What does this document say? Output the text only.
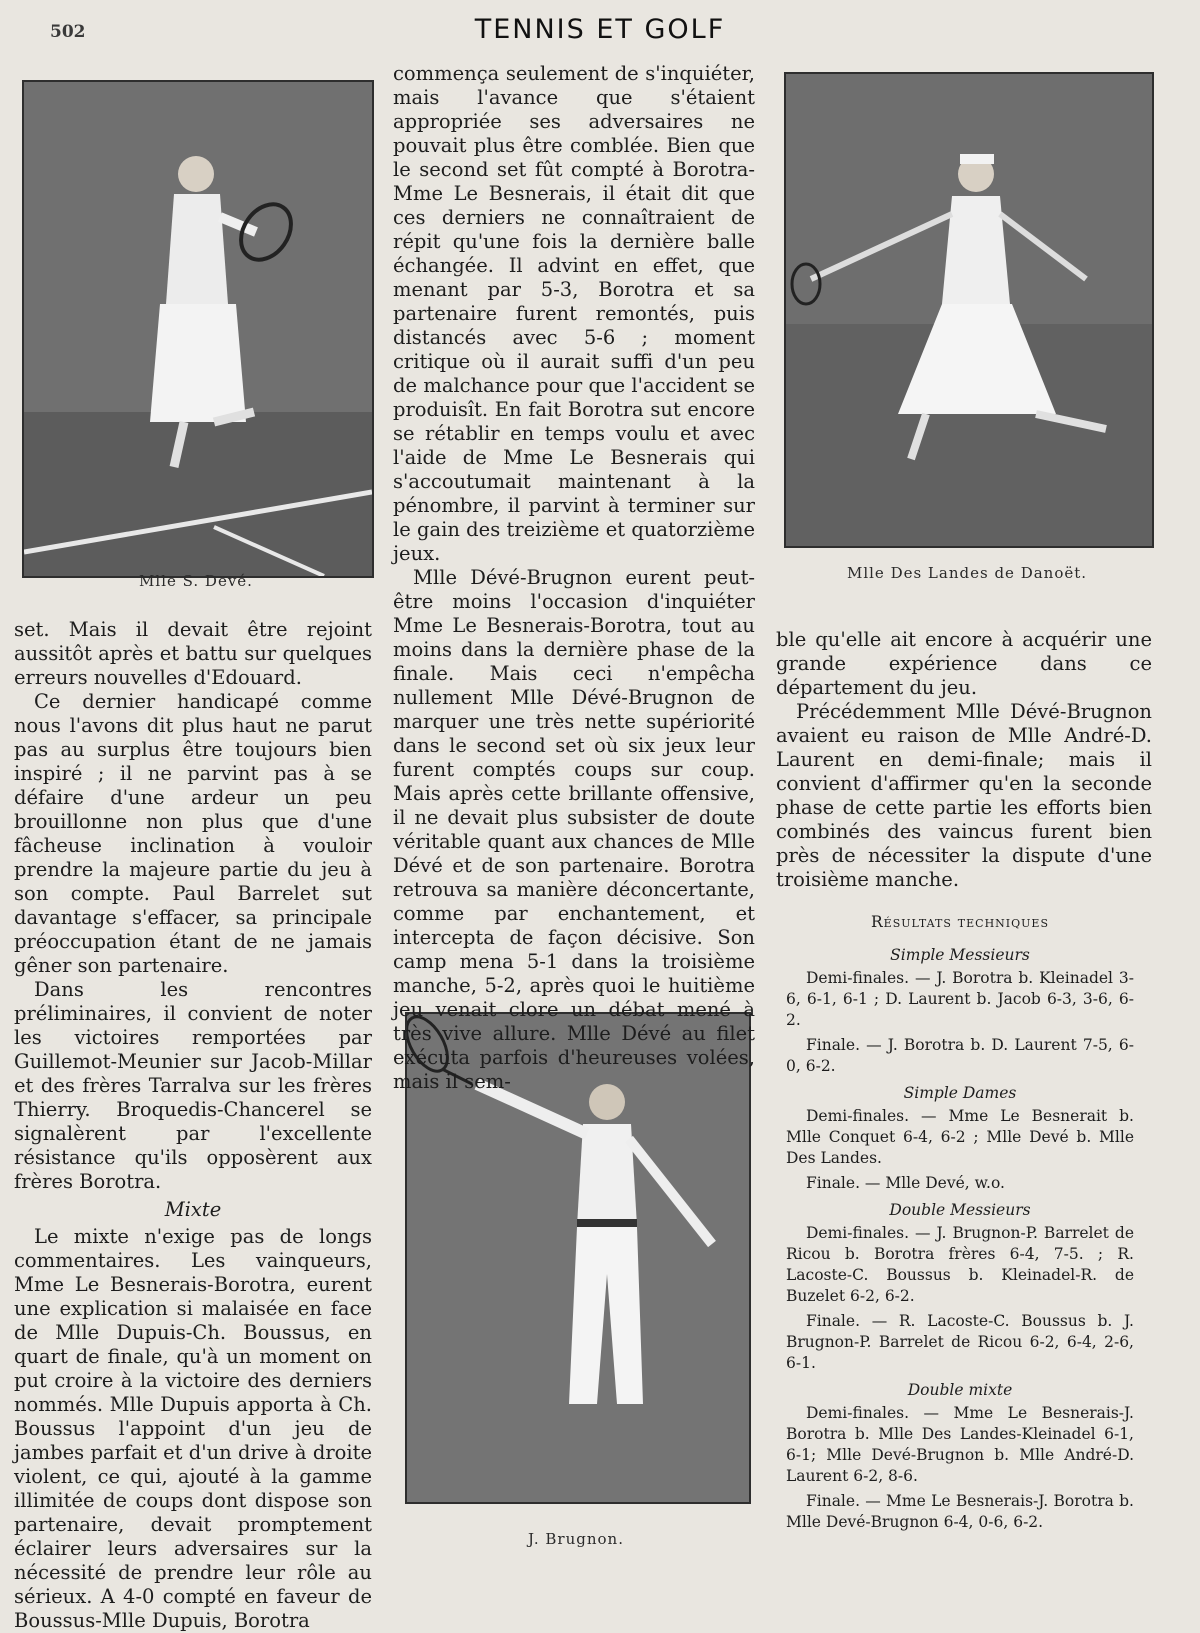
502	TENNIS ET GOLF
Mlle S. Devé.	Mlle Des Landes de Danoët.
J. Brugnon.

set. Mais il devait être rejoint aussitôt après et battu sur quelques erreurs nouvelles d'Edouard.

Ce dernier handicapé comme nous l'avons dit plus haut ne parut pas au surplus être toujours bien inspiré ; il ne parvint pas à se défaire d'une ardeur un peu brouillonne non plus que d'une fâcheuse inclination à vouloir prendre la majeure partie du jeu à son compte. Paul Barrelet sut davantage s'effacer, sa principale préoccupation étant de ne jamais gêner son partenaire.

Dans les rencontres préliminaires, il convient de noter les victoires remportées par Guillemot-Meunier sur Jacob-Millar et des frères Tarralva sur les frères Thierry. Broquedis-Chancerel se signalèrent par l'excellente résistance qu'ils opposèrent aux frères Borotra.

Mixte

Le mixte n'exige pas de longs commentaires. Les vainqueurs, Mme Le Besnerais-Borotra, eurent une explication si malaisée en face de Mlle Dupuis-Ch. Boussus, en quart de finale, qu'à un moment on put croire à la victoire des derniers nommés. Mlle Dupuis apporta à Ch. Boussus l'appoint d'un jeu de jambes parfait et d'un drive à droite violent, ce qui, ajouté à la gamme illimitée de coups dont dispose son partenaire, devait promptement éclairer leurs adversaires sur la nécessité de prendre leur rôle au sérieux. A 4-0 compté en faveur de Boussus-Mlle Dupuis, Borotra

commença seulement de s'inquiéter, mais l'avance que s'étaient appropriée ses adversaires ne pouvait plus être comblée. Bien que le second set fût compté à Borotra-Mme Le Besnerais, il était dit que ces derniers ne connaîtraient de répit qu'une fois la dernière balle échangée. Il advint en effet, que menant par 5-3, Borotra et sa partenaire furent remontés, puis distancés avec 5-6 ; moment critique où il aurait suffi d'un peu de malchance pour que l'accident se produisît. En fait Borotra sut encore se rétablir en temps voulu et avec l'aide de Mme Le Besnerais qui s'accoutumait maintenant à la pénombre, il parvint à terminer sur le gain des treizième et quatorzième jeux.

Mlle Dévé-Brugnon eurent peut-être moins l'occasion d'inquiéter Mme Le Besnerais-Borotra, tout au moins dans la dernière phase de la finale. Mais ceci n'empêcha nullement Mlle Dévé-Brugnon de marquer une très nette supériorité dans le second set où six jeux leur furent comptés coups sur coup. Mais après cette brillante offensive, il ne devait plus subsister de doute véritable quant aux chances de Mlle Dévé et de son partenaire. Borotra retrouva sa manière déconcertante, comme par enchantement, et intercepta de façon décisive. Son camp mena 5-1 dans la troisième manche, 5-2, après quoi le huitième jeu venait clore un débat mené à très vive allure. Mlle Dévé au filet exécuta parfois d'heureuses volées, mais il sem-

ble qu'elle ait encore à acquérir une grande expérience dans ce département du jeu.

Précédemment Mlle Dévé-Brugnon avaient eu raison de Mlle André-D. Laurent en demi-finale; mais il convient d'affirmer qu'en la seconde phase de cette partie les efforts bien combinés des vaincus furent bien près de nécessiter la dispute d'une troisième manche.

Résultats techniques
Simple Messieurs

Demi-finales. — J. Borotra b. Kleinadel 3-6, 6-1, 6-1 ; D. Laurent b. Jacob 6-3, 3-6, 6-2.

Finale. — J. Borotra b. D. Laurent 7-5, 6-0, 6-2.

Simple Dames

Demi-finales. — Mme Le Besnerait b. Mlle Conquet 6-4, 6-2 ; Mlle Devé b. Mlle Des Landes.

Finale. — Mlle Devé, w.o.

Double Messieurs

Demi-finales. — J. Brugnon-P. Barrelet de Ricou b. Borotra frères 6-4, 7-5. ; R. Lacoste-C. Boussus b. Kleinadel-R. de Buzelet 6-2, 6-2.

Finale. — R. Lacoste-C. Boussus b. J. Brugnon-P. Barrelet de Ricou 6-2, 6-4, 2-6, 6-1.

Double mixte

Demi-finales. — Mme Le Besnerais-J. Borotra b. Mlle Des Landes-Kleinadel 6-1, 6-1; Mlle Devé-Brugnon b. Mlle André-D. Laurent 6-2, 8-6.

Finale. — Mme Le Besnerais-J. Borotra b. Mlle Devé-Brugnon 6-4, 0-6, 6-2.
